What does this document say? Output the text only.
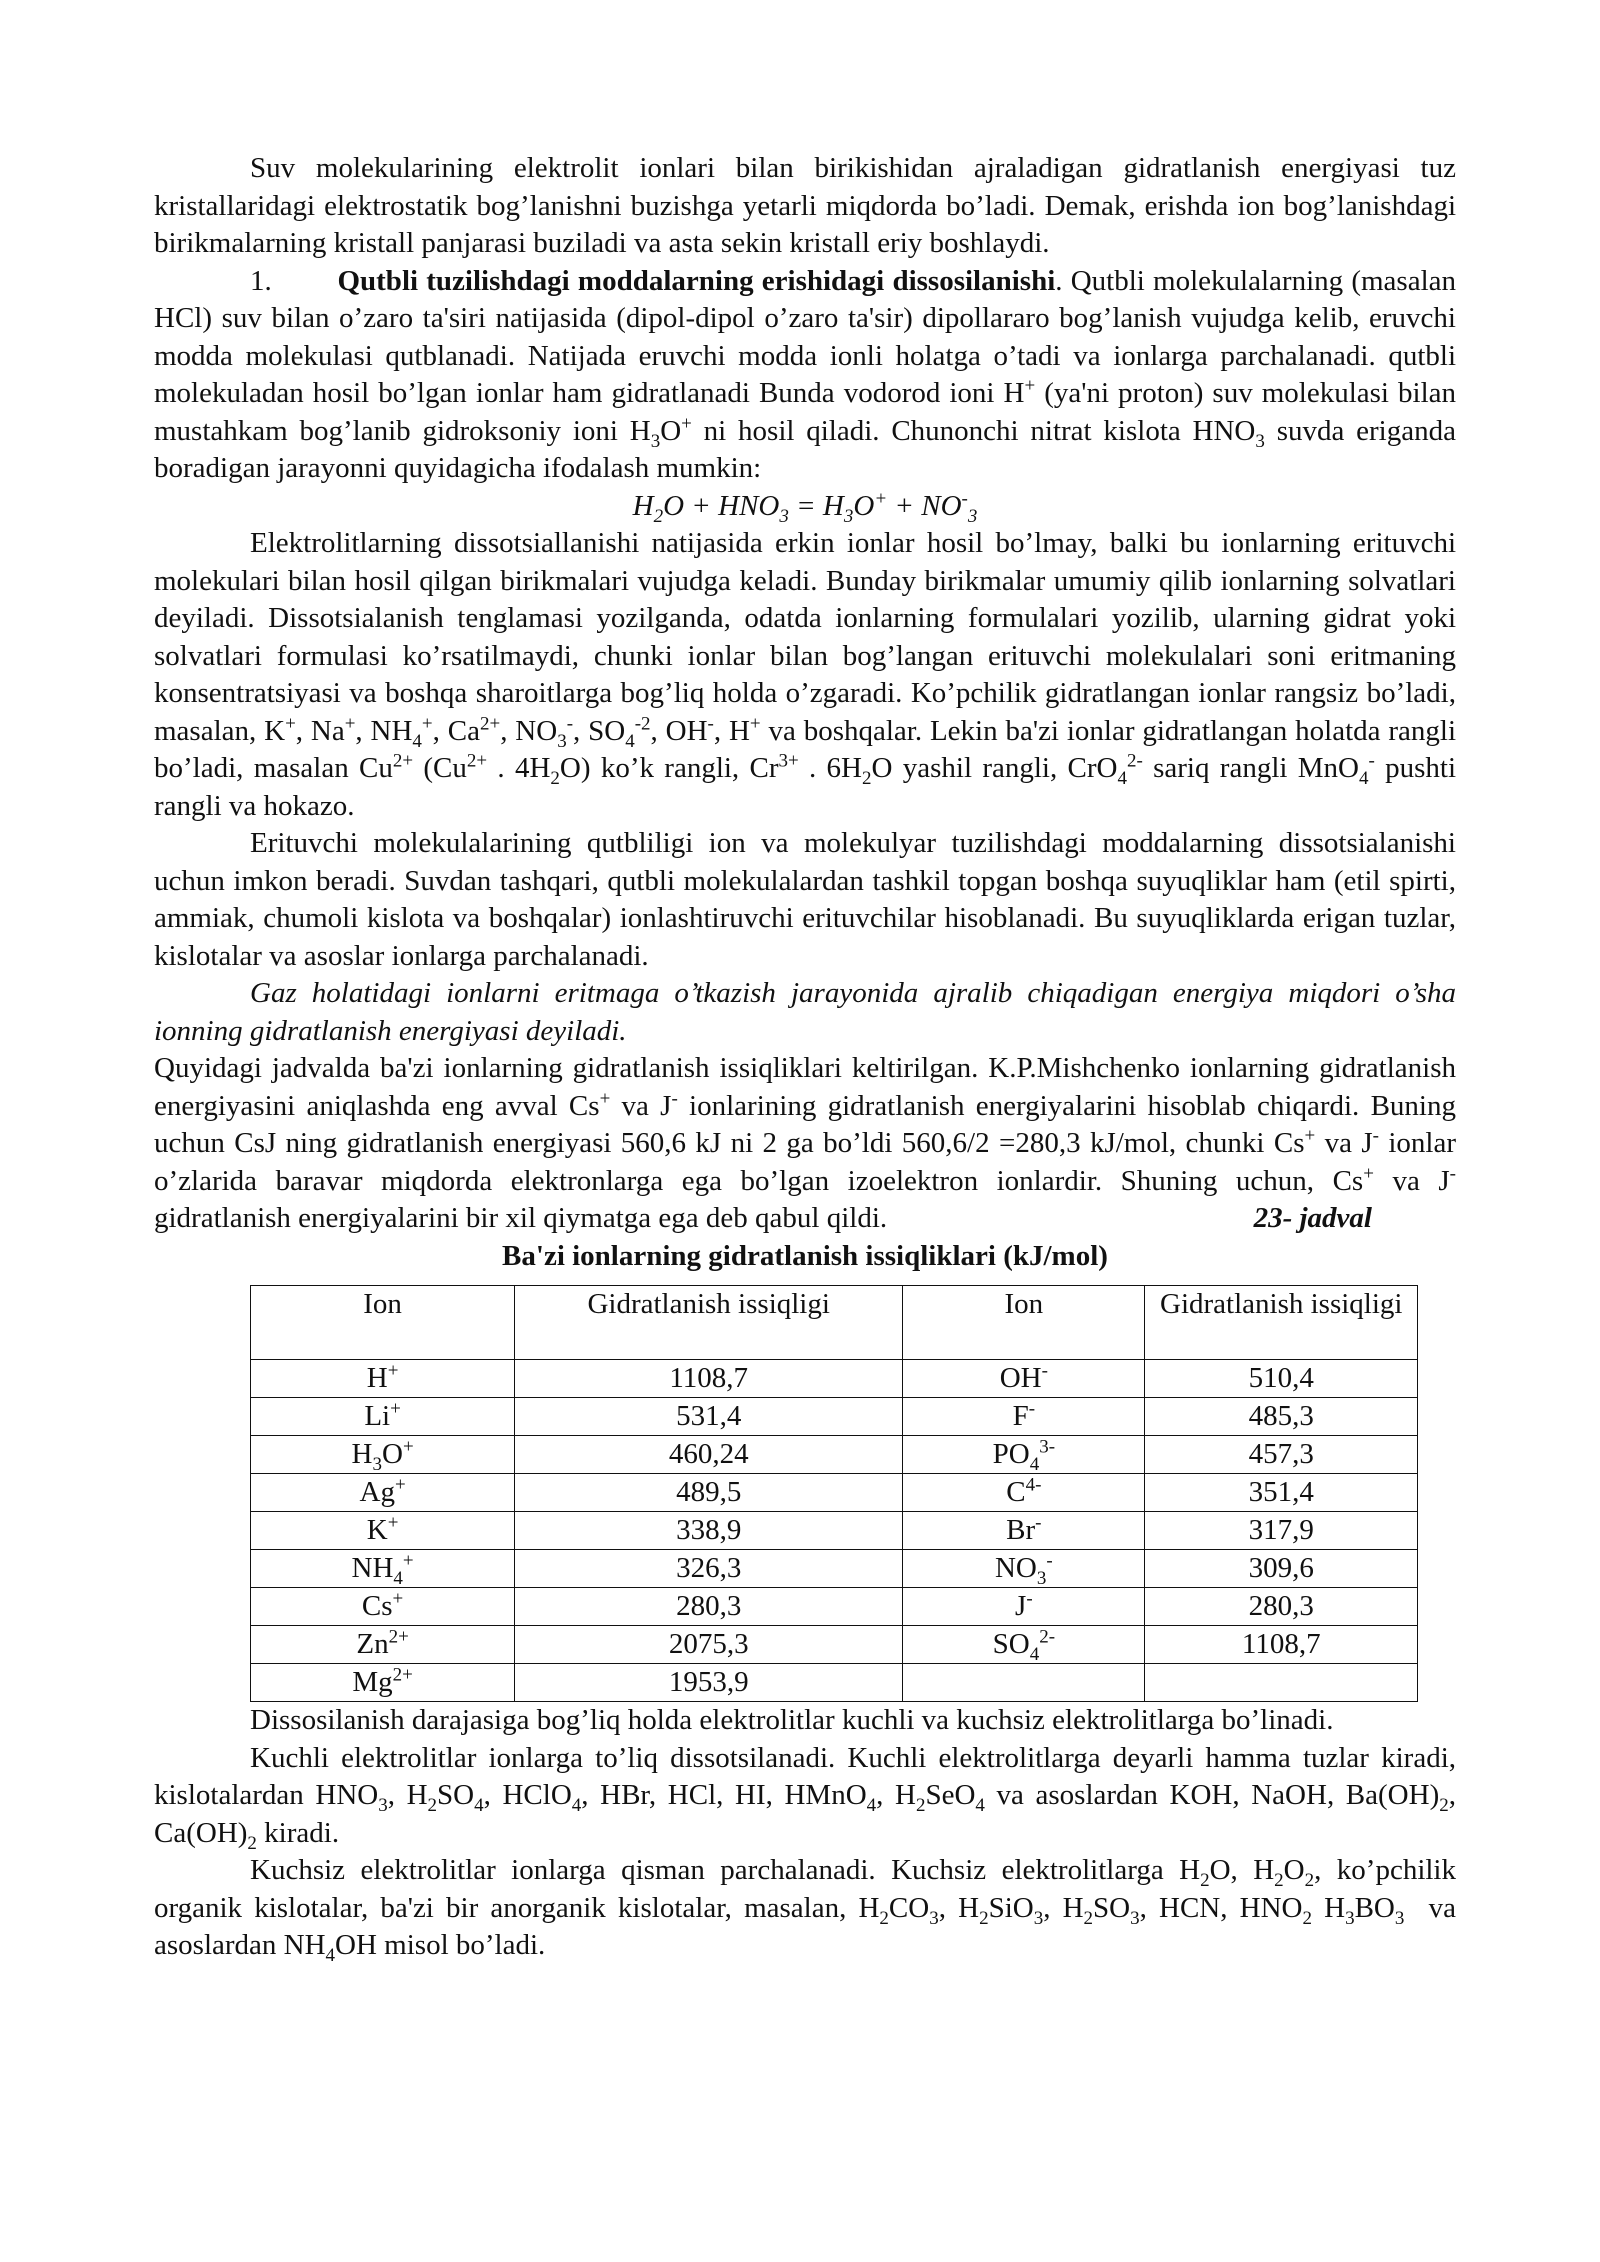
Suv molekularining elektrolit ionlari bilan birikishidan ajraladigan gidratlanish energiyasi tuz kristallaridagi elektrostatik bog’lanishni buzishga yetarli miqdorda bo’ladi. Demak, erishda ion bog’lanishdagi birikmalarning kristall panjarasi buziladi va asta sekin kristall eriy boshlaydi.

1. Qutbli tuzilishdagi moddalarning erishidagi dissosilanishi. Qutbli molekulalarning (masalan HCl) suv bilan o’zaro ta'siri natijasida (dipol-dipol o’zaro ta'sir) dipollararo bog’lanish vujudga kelib, eruvchi modda molekulasi qutblanadi. Natijada eruvchi modda ionli holatga o’tadi va ionlarga parchalanadi. qutbli molekuladan hosil bo’lgan ionlar ham gidratlanadi Bunda vodorod ioni H+ (ya'ni proton) suv molekulasi bilan mustahkam bog’lanib gidroksoniy ioni $H_3O^+$ ni hosil qiladi. Chunonchi nitrat kislota $HNO_3$ suvda eriganda boradigan jarayonni quyidagicha ifodalash mumkin:

$H_2O + HNO_3 = H_3O^+ + NO^-_3$

Elektrolitlarning dissotsiallanishi natijasida erkin ionlar hosil bo’lmay, balki bu ionlarning erituvchi molekulari bilan hosil qilgan birikmalari vujudga keladi. Bunday birikmalar umumiy qilib ionlarning solvatlari deyiladi. Dissotsialanish tenglamasi yozilganda, odatda ionlarning formulalari yozilib, ularning gidrat yoki solvatlari formulasi ko’rsatilmaydi, chunki ionlar bilan bog’langan erituvchi molekulalari soni eritmaning konsentratsiyasi va boshqa sharoitlarga bog’liq holda o’zgaradi. Ko’pchilik gidratlangan ionlar rangsiz bo’ladi, masalan, K+, Na+, $NH_4^+$, $Ca^{2+}$, $NO_3^-$, $SO_4^{-2}$, OH-, H+ va boshqalar. Lekin ba'zi ionlar gidratlangan holatda rangli bo’ladi, masalan $Cu^{2+}$ ($Cu^{2+}$ . $4H_2O$) ko’k rangli, $Cr^{3+}$ . $6H_2O$ yashil rangli, CrO$_4^{2-}$ sariq rangli MnO$_4$- pushti rangli va hokazo.

Erituvchi molekulalarining qutbliligi ion va molekulyar tuzilishdagi moddalarning dissotsialanishi uchun imkon beradi. Suvdan tashqari, qutbli molekulalardan tashkil topgan boshqa suyuqliklar ham (etil spirti, ammiak, chumoli kislota va boshqalar) ionlashtiruvchi erituvchilar hisoblanadi. Bu suyuqliklarda erigan tuzlar, kislotalar va asoslar ionlarga parchalanadi.

Gaz holatidagi ionlarni eritmaga o’tkazish jarayonida ajralib chiqadigan energiya miqdori o’sha ionning gidratlanish energiyasi deyiladi.

Quyidagi jadvalda ba'zi ionlarning gidratlanish issiqliklari keltirilgan. K.P.Mishchenko ionlarning gidratlanish energiyasini aniqlashda eng avval Cs+ va J- ionlarining gidratlanish energiyalarini hisoblab chiqardi. Buning uchun CsJ ning gidratlanish energiyasi 560,6 kJ ni 2 ga bo’ldi 560,6/2 =280,3 kJ/mol, chunki Cs+ va J- ionlar o’zlarida baravar miqdorda elektronlarga ega bo’lgan izoelektron ionlardir. Shuning uchun, Cs+ va J- gidratlanish energiyalarini bir xil qiymatga ega deb qabul qildi.	23- jadval

Ba'zi ionlarning gidratlanish issiqliklari (kJ/mol)

Ion	Gidratlanish issiqligi	Ion	Gidratlanish issiqligi
H+	1108,7	OH-	510,4
Li+	531,4	F-	485,3
$H_3O^+$	460,24	$PO_4^{3-}$	457,3
Ag+	489,5	$C^{4-}$	351,4
K+	338,9	Br-	317,9
$NH_4^+$	326,3	$NO_3^-$	309,6
Cs+	280,3	J-	280,3
$Zn^{2+}$	2075,3	$SO_4^{2-}$	1108,7
$Mg^{2+}$	1953,9		

Dissosilanish darajasiga bog’liq holda elektrolitlar kuchli va kuchsiz elektrolitlarga bo’linadi.

Kuchli elektrolitlar ionlarga to’liq dissotsilanadi. Kuchli elektrolitlarga deyarli hamma tuzlar kiradi, kislotalardan $HNO_3$, $H_2SO_4$, HClO$_4$, HBr, HCl, HI, HMnO$_4$, $H_2SeO_4$ va asoslardan KOH, NaOH, $Ba(OH)_2$, $Ca(OH)_2$ kiradi.

Kuchsiz elektrolitlar ionlarga qisman parchalanadi. Kuchsiz elektrolitlarga $H_2O$, $H_2O_2$, ko’pchilik organik kislotalar, ba'zi bir anorganik kislotalar, masalan, $H_2CO_3$, $H_2SiO_3$, $H_2SO_3$, HCN, $HNO_2$ $H_3BO_3$  va asoslardan $NH_4OH$ misol bo’ladi.
